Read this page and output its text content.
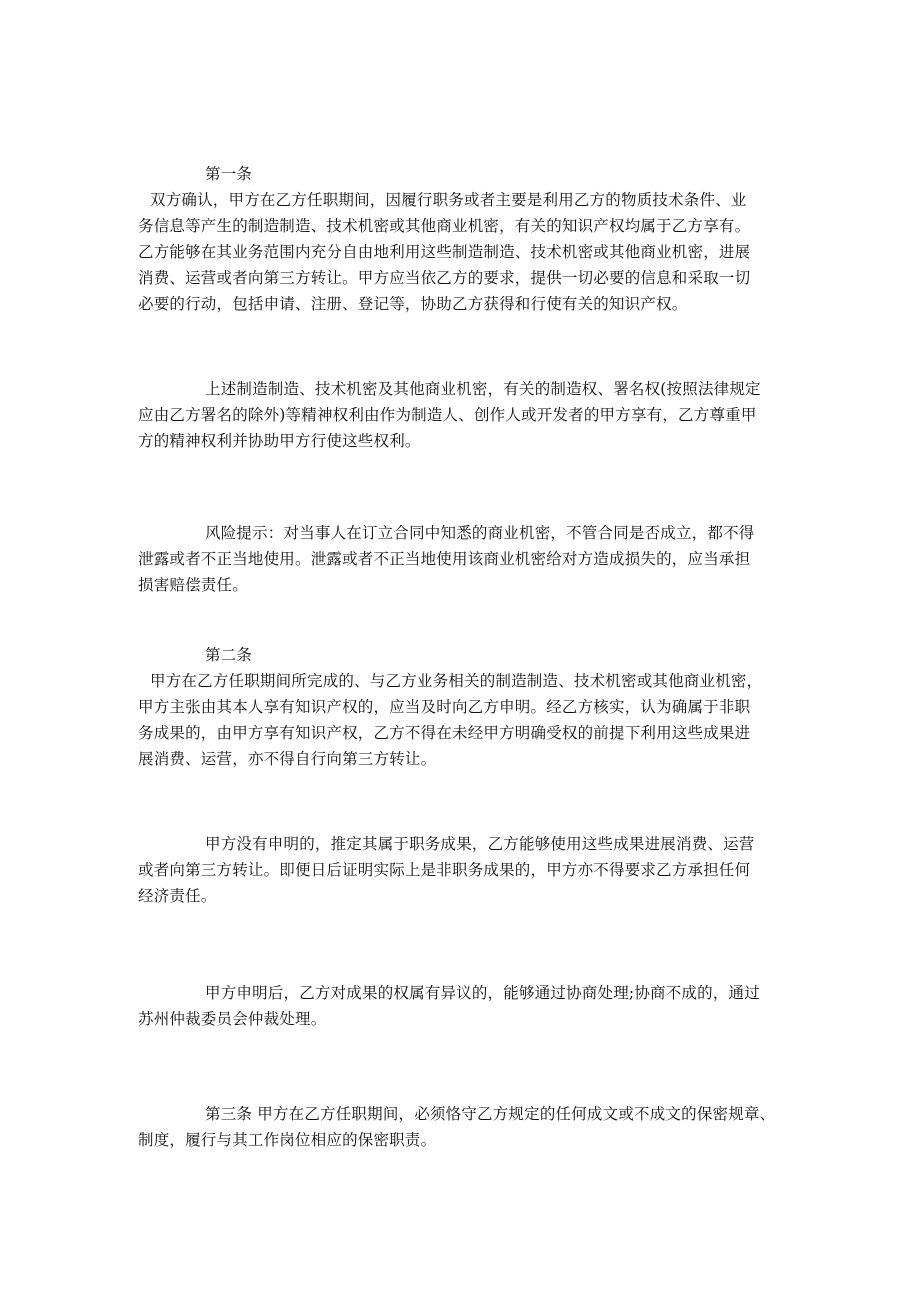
第一条
双方确认，甲方在乙方任职期间，因履行职务或者主要是利用乙方的物质技术条件、业
务信息等产生的制造制造、技术机密或其他商业机密，有关的知识产权均属于乙方享有。
乙方能够在其业务范围内充分自由地利用这些制造制造、技术机密或其他商业机密，进展
消费、运营或者向第三方转让。甲方应当依乙方的要求，提供一切必要的信息和采取一切
必要的行动，包括申请、注册、登记等，协助乙方获得和行使有关的知识产权。
上述制造制造、技术机密及其他商业机密，有关的制造权、署名权(按照法律规定
应由乙方署名的除外)等精神权利由作为制造人、创作人或开发者的甲方享有，乙方尊重甲
方的精神权利并协助甲方行使这些权利。
风险提示：对当事人在订立合同中知悉的商业机密，不管合同是否成立，都不得
泄露或者不正当地使用。泄露或者不正当地使用该商业机密给对方造成损失的，应当承担
损害赔偿责任。
第二条
甲方在乙方任职期间所完成的、与乙方业务相关的制造制造、技术机密或其他商业机密，
甲方主张由其本人享有知识产权的，应当及时向乙方申明。经乙方核实，认为确属于非职
务成果的，由甲方享有知识产权，乙方不得在未经甲方明确受权的前提下利用这些成果进
展消费、运营，亦不得自行向第三方转让。
甲方没有申明的，推定其属于职务成果，乙方能够使用这些成果进展消费、运营
或者向第三方转让。即便日后证明实际上是非职务成果的，甲方亦不得要求乙方承担任何
经济责任。
甲方申明后，乙方对成果的权属有异议的，能够通过协商处理;协商不成的，通过
苏州仲裁委员会仲裁处理。
第三条 甲方在乙方任职期间，必须恪守乙方规定的任何成文或不成文的保密规章、
制度，履行与其工作岗位相应的保密职责。
